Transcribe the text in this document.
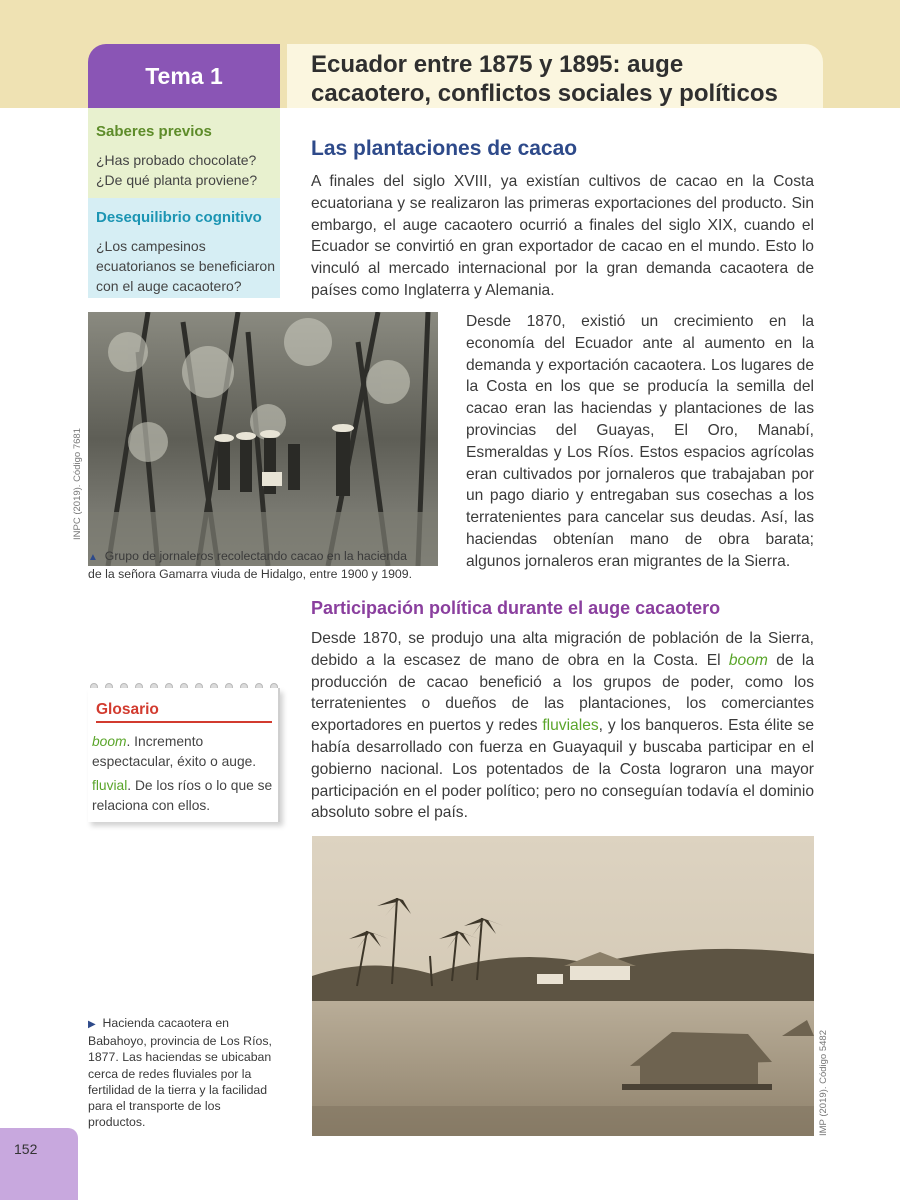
Tema 1	Ecuador entre 1875 y 1895: auge
cacaotero, conflictos sociales y políticos
Saberes previos
¿Has probado chocolate?
¿De qué planta proviene?
Desequilibrio cognitivo
¿Los campesinos
ecuatorianos se beneficiaron
con el auge cacaotero?
Las plantaciones de cacao
A finales del siglo XVIII, ya existían cultivos de cacao en la Costa ecuatoriana y se realizaron las primeras exportaciones del producto. Sin embargo, el auge cacaotero ocurrió a finales del siglo XIX, cuando el Ecuador se convirtió en gran exportador de cacao en el mundo. Esto lo vinculó al mercado internacional por la gran demanda cacaotera de países como Inglaterra y Alemania.
INPC (2019). Código 7681
▲ Grupo de jornaleros recolectando cacao en la hacienda
de la señora Gamarra viuda de Hidalgo, entre 1900 y 1909.
Desde 1870, existió un crecimiento en la economía del Ecuador ante al aumento en la demanda y exportación cacaotera. Los lugares de la Costa en los que se producía la semilla del cacao eran las haciendas y plantaciones de las provincias del Guayas, El Oro, Manabí, Esmeraldas y Los Ríos. Estos espacios agrícolas eran cultivados por jornaleros que trabajaban por un pago diario y entregaban sus cosechas a los terratenientes para cancelar sus deudas. Así, las haciendas obtenían mano de obra barata; algunos jornaleros eran migrantes de la Sierra.
Participación política durante el auge cacaotero
Desde 1870, se produjo una alta migración de población de la Sierra, debido a la escasez de mano de obra en la Costa. El boom de la producción de cacao benefició a los grupos de poder, como los terratenientes o dueños de las plantaciones, los comerciantes exportadores en puertos y redes fluviales, y los banqueros. Esta élite se había desarrollado con fuerza en Guayaquil y buscaba participar en el gobierno nacional. Los potentados de la Costa lograron una mayor participación en el poder político; pero no conseguían todavía el dominio absoluto sobre el país.
Glosario
boom. Incremento espectacular, éxito o auge.
fluvial. De los ríos o lo que se relaciona con ellos.
IMP (2019). Código 5482
▶ Hacienda cacaotera en Babahoyo, provincia de Los Ríos, 1877. Las haciendas se ubicaban cerca de redes fluviales por la fertilidad de la tierra y la facilidad para el transporte de los productos.
152
